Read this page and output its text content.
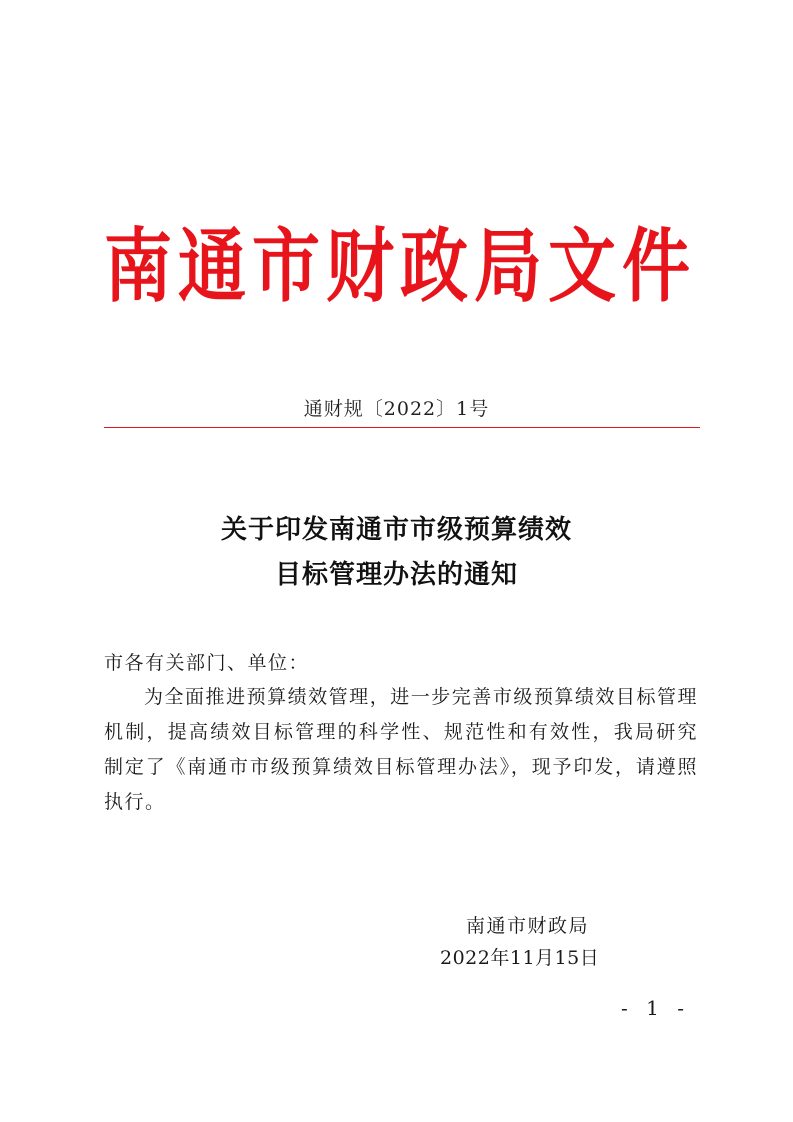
南通市财政局文件
通财规〔2022〕1号
关于印发南通市市级预算绩效
目标管理办法的通知
市各有关部门、单位：
为全面推进预算绩效管理，进一步完善市级预算绩效目标管理机制，提高绩效目标管理的科学性、规范性和有效性，我局研究制定了《南通市市级预算绩效目标管理办法》，现予印发，请遵照执行。
南通市财政局
2022年11月15日
- 1 -
